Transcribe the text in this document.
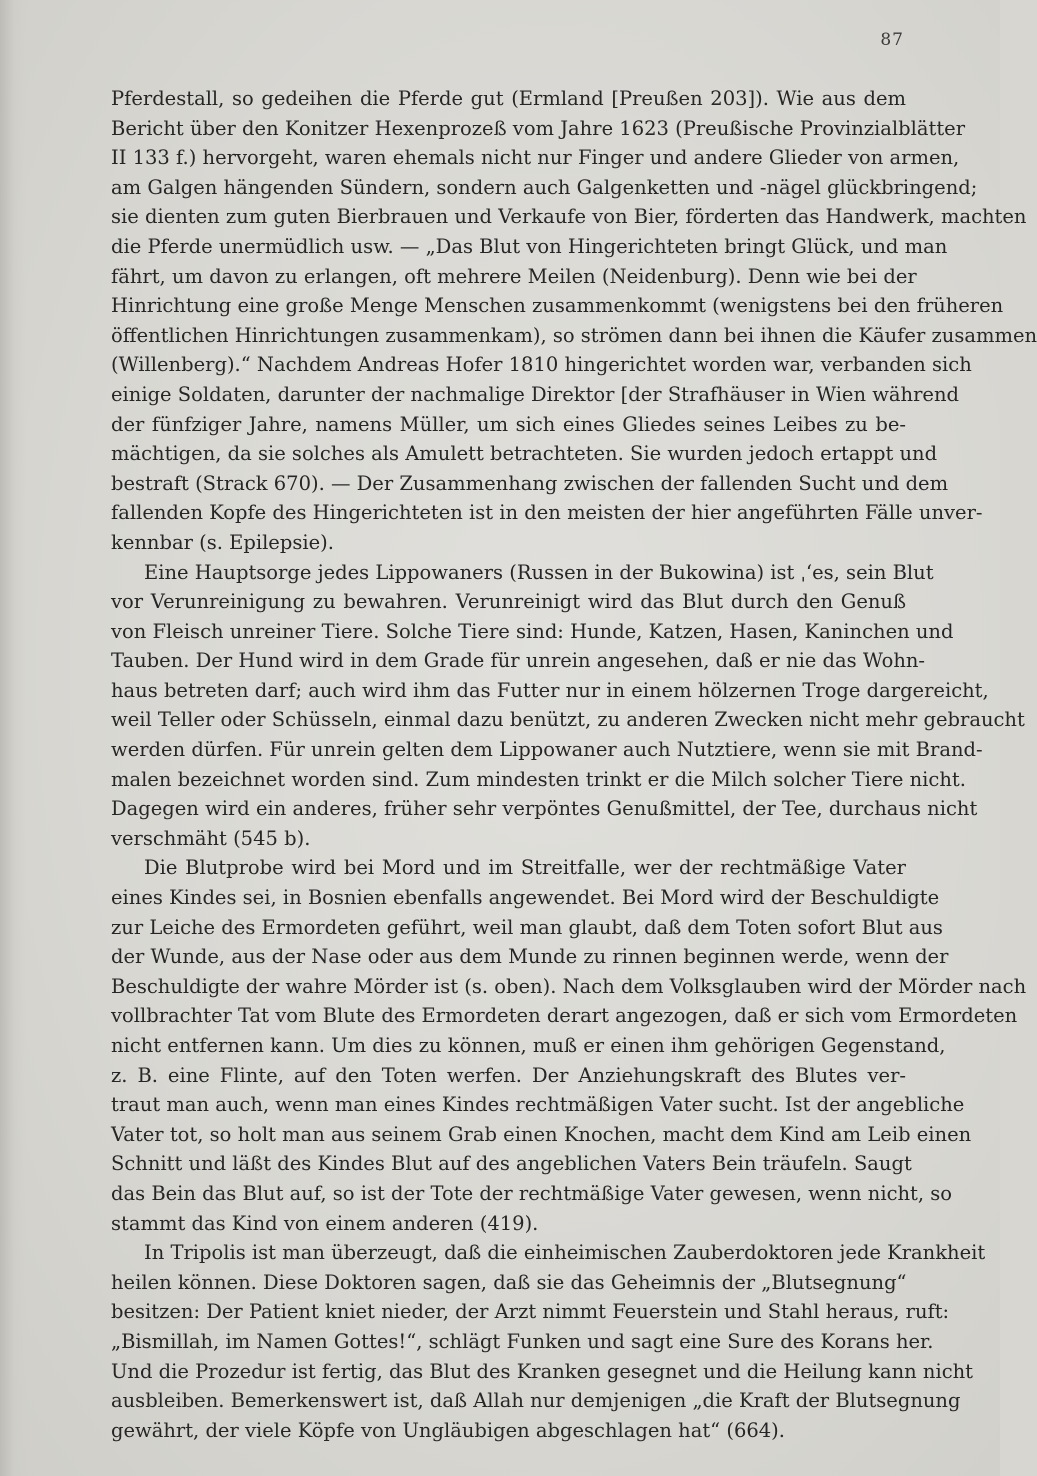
87
Pferdestall, so gedeihen die Pferde gut (Ermland [Preußen 203]). Wie aus dem
Bericht über den Konitzer Hexenprozeß vom Jahre 1623 (Preußische Provinzialblätter
II 133 f.) hervorgeht, waren ehemals nicht nur Finger und andere Glieder von armen,
am Galgen hängenden Sündern, sondern auch Galgenketten und -nägel glückbringend;
sie dienten zum guten Bierbrauen und Verkaufe von Bier, förderten das Handwerk, machten
die Pferde unermüdlich usw. — „Das Blut von Hingerichteten bringt Glück, und man
fährt, um davon zu erlangen, oft mehrere Meilen (Neidenburg). Denn wie bei der
Hinrichtung eine große Menge Menschen zusammenkommt (wenigstens bei den früheren
öffentlichen Hinrichtungen zusammenkam), so strömen dann bei ihnen die Käufer zusammen
(Willenberg).“ Nachdem Andreas Hofer 1810 hingerichtet worden war, verbanden sich
einige Soldaten, darunter der nachmalige Direktor [der Strafhäuser in Wien während
der fünfziger Jahre, namens Müller, um sich eines Gliedes seines Leibes zu be-
mächtigen, da sie solches als Amulett betrachteten. Sie wurden jedoch ertappt und
bestraft (Strack 670). — Der Zusammenhang zwischen der fallenden Sucht und dem
fallenden Kopfe des Hingerichteten ist in den meisten der hier angeführten Fälle unver-
kennbar (s. Epilepsie).
Eine Hauptsorge jedes Lippowaners (Russen in der Bukowina) ist ˌ‘es, sein Blut
vor Verunreinigung zu bewahren. Verunreinigt wird das Blut durch den Genuß
von Fleisch unreiner Tiere. Solche Tiere sind: Hunde, Katzen, Hasen, Kaninchen und
Tauben. Der Hund wird in dem Grade für unrein angesehen, daß er nie das Wohn-
haus betreten darf; auch wird ihm das Futter nur in einem hölzernen Troge dargereicht,
weil Teller oder Schüsseln, einmal dazu benützt, zu anderen Zwecken nicht mehr gebraucht
werden dürfen. Für unrein gelten dem Lippowaner auch Nutztiere, wenn sie mit Brand-
malen bezeichnet worden sind. Zum mindesten trinkt er die Milch solcher Tiere nicht.
Dagegen wird ein anderes, früher sehr verpöntes Genußmittel, der Tee, durchaus nicht
verschmäht (545 b).
Die Blutprobe wird bei Mord und im Streitfalle, wer der rechtmäßige Vater
eines Kindes sei, in Bosnien ebenfalls angewendet. Bei Mord wird der Beschuldigte
zur Leiche des Ermordeten geführt, weil man glaubt, daß dem Toten sofort Blut aus
der Wunde, aus der Nase oder aus dem Munde zu rinnen beginnen werde, wenn der
Beschuldigte der wahre Mörder ist (s. oben). Nach dem Volksglauben wird der Mörder nach
vollbrachter Tat vom Blute des Ermordeten derart angezogen, daß er sich vom Ermordeten
nicht entfernen kann. Um dies zu können, muß er einen ihm gehörigen Gegenstand,
z. B. eine Flinte, auf den Toten werfen. Der Anziehungskraft des Blutes ver-
traut man auch, wenn man eines Kindes rechtmäßigen Vater sucht. Ist der angebliche
Vater tot, so holt man aus seinem Grab einen Knochen, macht dem Kind am Leib einen
Schnitt und läßt des Kindes Blut auf des angeblichen Vaters Bein träufeln. Saugt
das Bein das Blut auf, so ist der Tote der rechtmäßige Vater gewesen, wenn nicht, so
stammt das Kind von einem anderen (419).
In Tripolis ist man überzeugt, daß die einheimischen Zauberdoktoren jede Krankheit
heilen können. Diese Doktoren sagen, daß sie das Geheimnis der „Blutsegnung“
besitzen: Der Patient kniet nieder, der Arzt nimmt Feuerstein und Stahl heraus, ruft:
„Bismillah, im Namen Gottes!“, schlägt Funken und sagt eine Sure des Korans her.
Und die Prozedur ist fertig, das Blut des Kranken gesegnet und die Heilung kann nicht
ausbleiben. Bemerkenswert ist, daß Allah nur demjenigen „die Kraft der Blutsegnung
gewährt, der viele Köpfe von Ungläubigen abgeschlagen hat“ (664).
